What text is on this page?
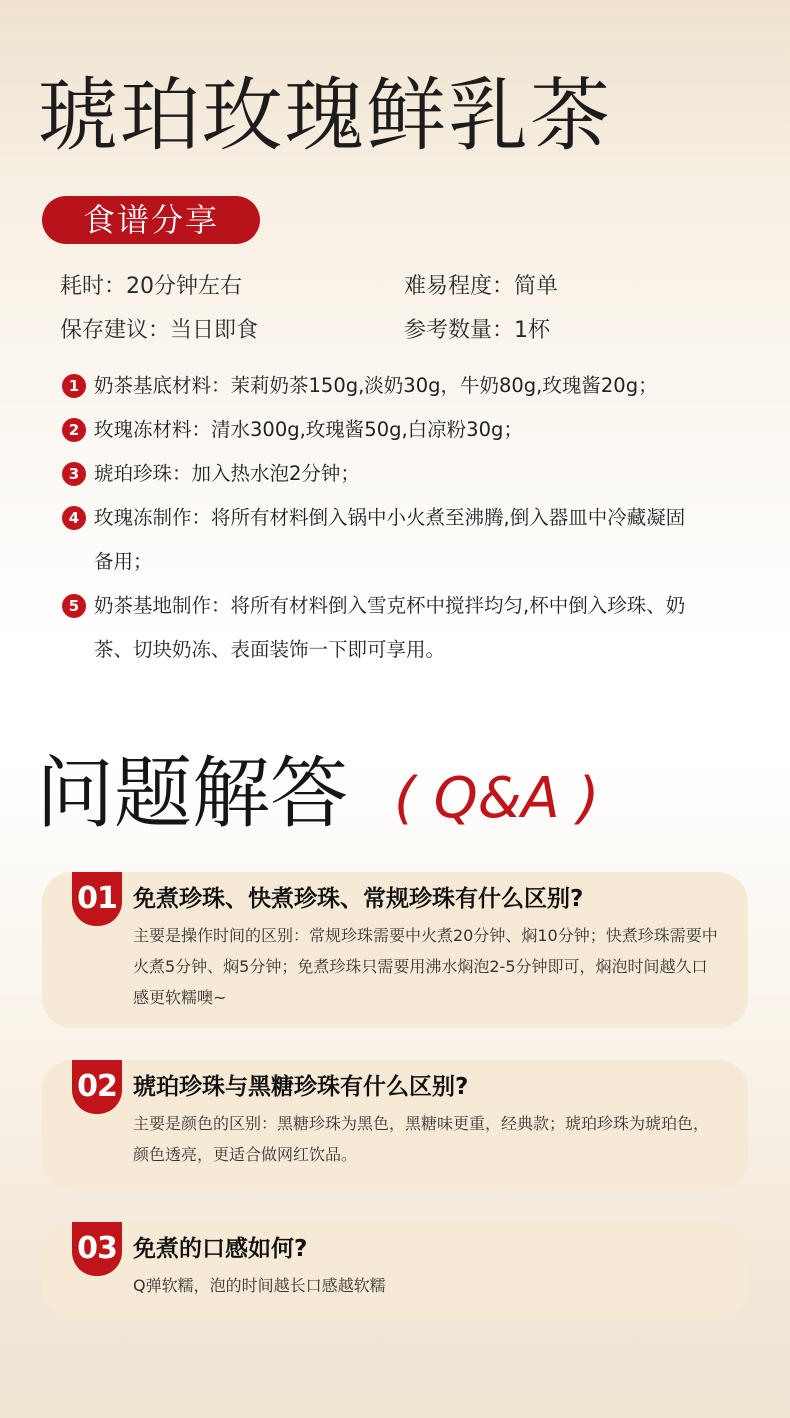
琥珀玫瑰鲜乳茶
食谱分享
耗时：20分钟左右	难易程度：简单
保存建议：当日即食	参考数量：1杯
1 奶茶基底材料：茉莉奶茶150g,淡奶30g，牛奶80g,玫瑰酱20g；
2 玫瑰冻材料：清水300g,玫瑰酱50g,白凉粉30g；
3 琥珀珍珠：加入热水泡2分钟；
4 玫瑰冻制作：将所有材料倒入锅中小火煮至沸腾,倒入器皿中冷藏凝固备用；
5 奶茶基地制作：将所有材料倒入雪克杯中搅拌均匀,杯中倒入珍珠、奶茶、切块奶冻、表面装饰一下即可享用。
问题解答 ( Q&A )
01 免煮珍珠、快煮珍珠、常规珍珠有什么区别?
主要是操作时间的区别：常规珍珠需要中火煮20分钟、焖10分钟；快煮珍珠需要中火煮5分钟、焖5分钟；免煮珍珠只需要用沸水焖泡2-5分钟即可，焖泡时间越久口感更软糯噢~
02 琥珀珍珠与黑糖珍珠有什么区别?
主要是颜色的区别：黑糖珍珠为黑色，黑糖味更重，经典款；琥珀珍珠为琥珀色，颜色透亮，更适合做网红饮品。
03 免煮的口感如何?
Q弹软糯，泡的时间越长口感越软糯
